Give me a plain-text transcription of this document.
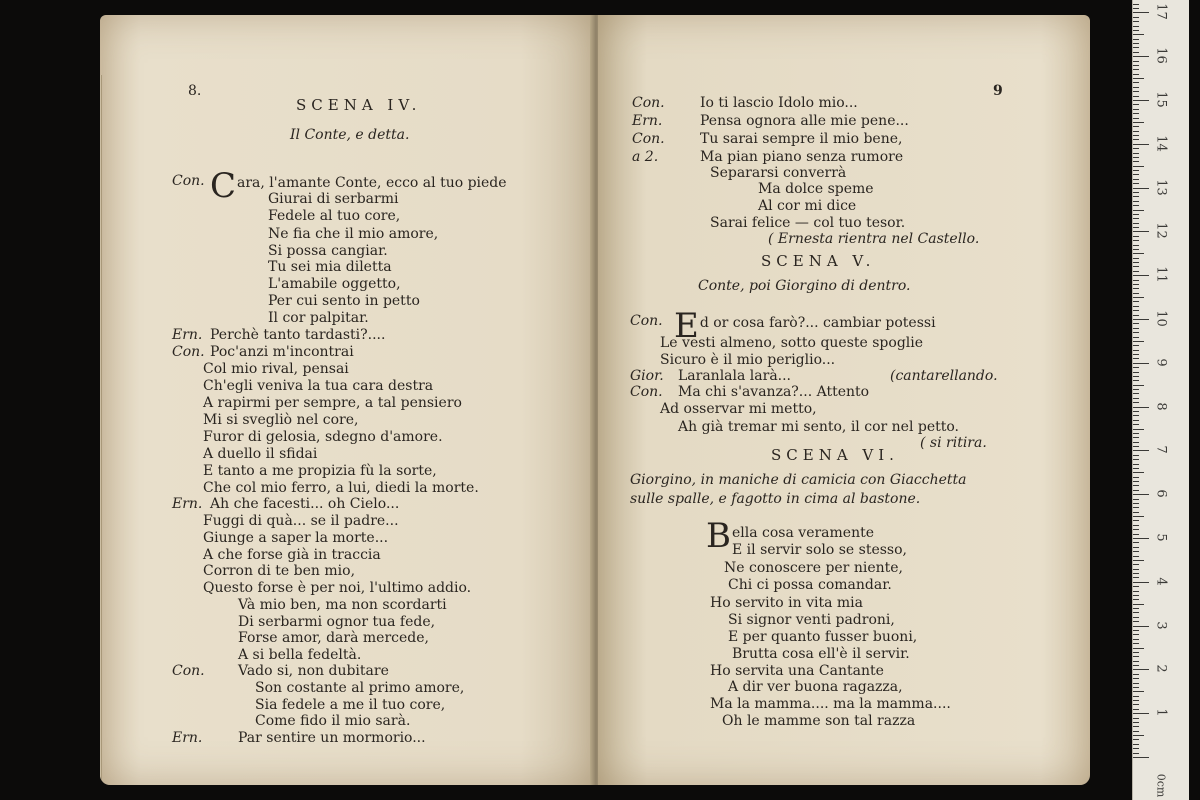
8.
SCENA IV.
Il Conte, e detta.
Con. Cara, l'amante Conte, ecco al tuo piede
Giurai di serbarmi
Fedele al tuo core,
Ne fia che il mio amore,
Si possa cangiar.
Tu sei mia diletta
L'amabile oggetto,
Per cui sento in petto
Il cor palpitar.
Ern. Perchè tanto tardasti?....
Con. Poc'anzi m'incontrai
Col mio rival, pensai
Ch'egli veniva la tua cara destra
A rapirmi per sempre, a tal pensiero
Mi si svegliò nel core,
Furor di gelosia, sdegno d'amore.
A duello il sfidai
E tanto a me propizia fù la sorte,
Che col mio ferro, a lui, diedi la morte.
Ern. Ah che facesti... oh Cielo...
Fuggi di quà... se il padre...
Giunge a saper la morte...
A che forse già in traccia
Corron di te ben mio,
Questo forse è per noi, l'ultimo addio.
Và mio ben, ma non scordarti
Di serbarmi ognor tua fede,
Forse amor, darà mercede,
A si bella fedeltà.
Con. Vado si, non dubitare
Son costante al primo amore,
Sia fedele a me il tuo core,
Come fido il mio sarà.
Ern.	Par sentire un mormorio...
9
Con.	Io ti lascio Idolo mio...
Ern.	Pensa ognora alle mie pene...
Con.	Tu sarai sempre il mio bene,
a 2.	Ma pian piano senza rumore
Separarsi converrà
Ma dolce speme
Al cor mi dice
Sarai felice — col tuo tesor.
( Ernesta rientra nel Castello.
SCENA V.
Conte, poi Giorgino di dentro.
Con. Ed or cosa farò?... cambiar potessi
Le vesti almeno, sotto queste spoglie
Sicuro è il mio periglio...
Gior. Laranlala larà...	(cantarellando.
Con. Ma chi s'avanza?... Attento
Ad osservar mi metto,
Ah già tremar mi sento, il cor nel petto.
( si ritira.
SCENA VI.
Giorgino, in maniche di camicia con Giacchetta
sulle spalle, e fagotto in cima al bastone.
Bella cosa veramente
E il servir solo se stesso,
Ne conoscere per niente,
Chi ci possa comandar.
Ho servito in vita mia
Si signor venti padroni,
E per quanto fusser buoni,
Brutta cosa ell'è il servir.
Ho servita una Cantante
A dir ver buona ragazza,
Ma la mamma.... ma la mamma....
Oh le mamme son tal razza
1
2
3
4
5
6
7
8
9
10
11
12
13
14
15
16
17
0cm
